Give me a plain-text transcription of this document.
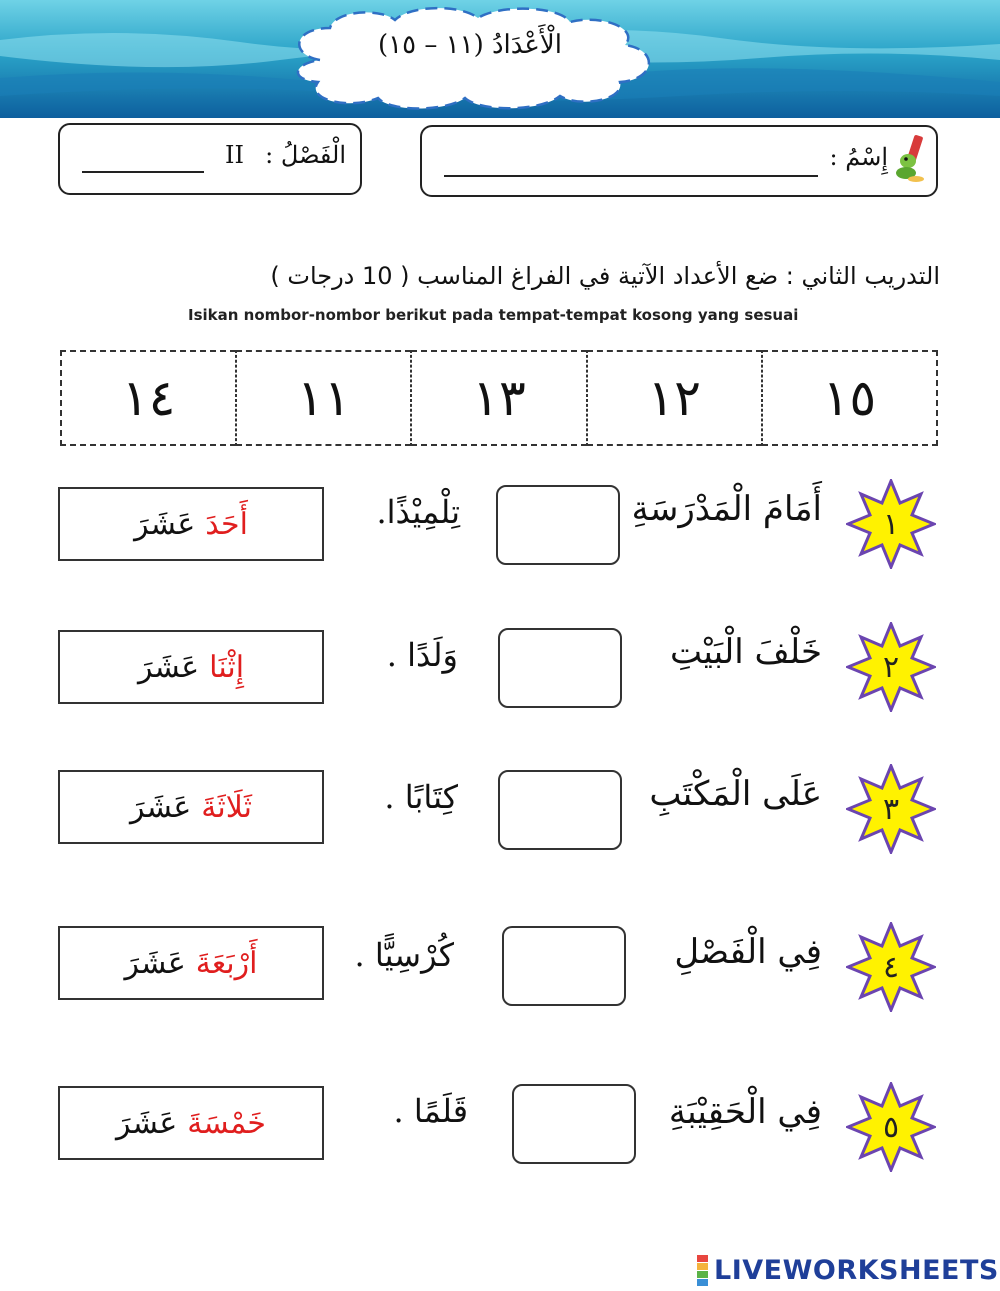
الْأَعْدَادُ (١١ – ١٥)
الْفَصْلُ :
II	إِسْمُ :
التدريب الثاني : ضع الأعداد الآتية في الفراغ المناسب ( 10 درجات )
Isikan nombor-nombor berikut pada tempat-tempat kosong yang sesuai
١٥
١٢
١٣
١١
١٤
١
أَمَامَ الْمَدْرَسَةِ
تِلْمِيْذًا.
أَحَدَ
عَشَرَ
٢
خَلْفَ الْبَيْتِ
وَلَدًا .
إِثْنَا
عَشَرَ
٣
عَلَى الْمَكْتَبِ
كِتَابًا .
ثَلَاثَةَ
عَشَرَ
٤
فِي الْفَصْلِ
كُرْسِيًّا .
أَرْبَعَةَ
عَشَرَ
٥
فِي الْحَقِيْبَةِ
قَلَمًا .
خَمْسَةَ
عَشَرَ
LIVEWORKSHEETS
